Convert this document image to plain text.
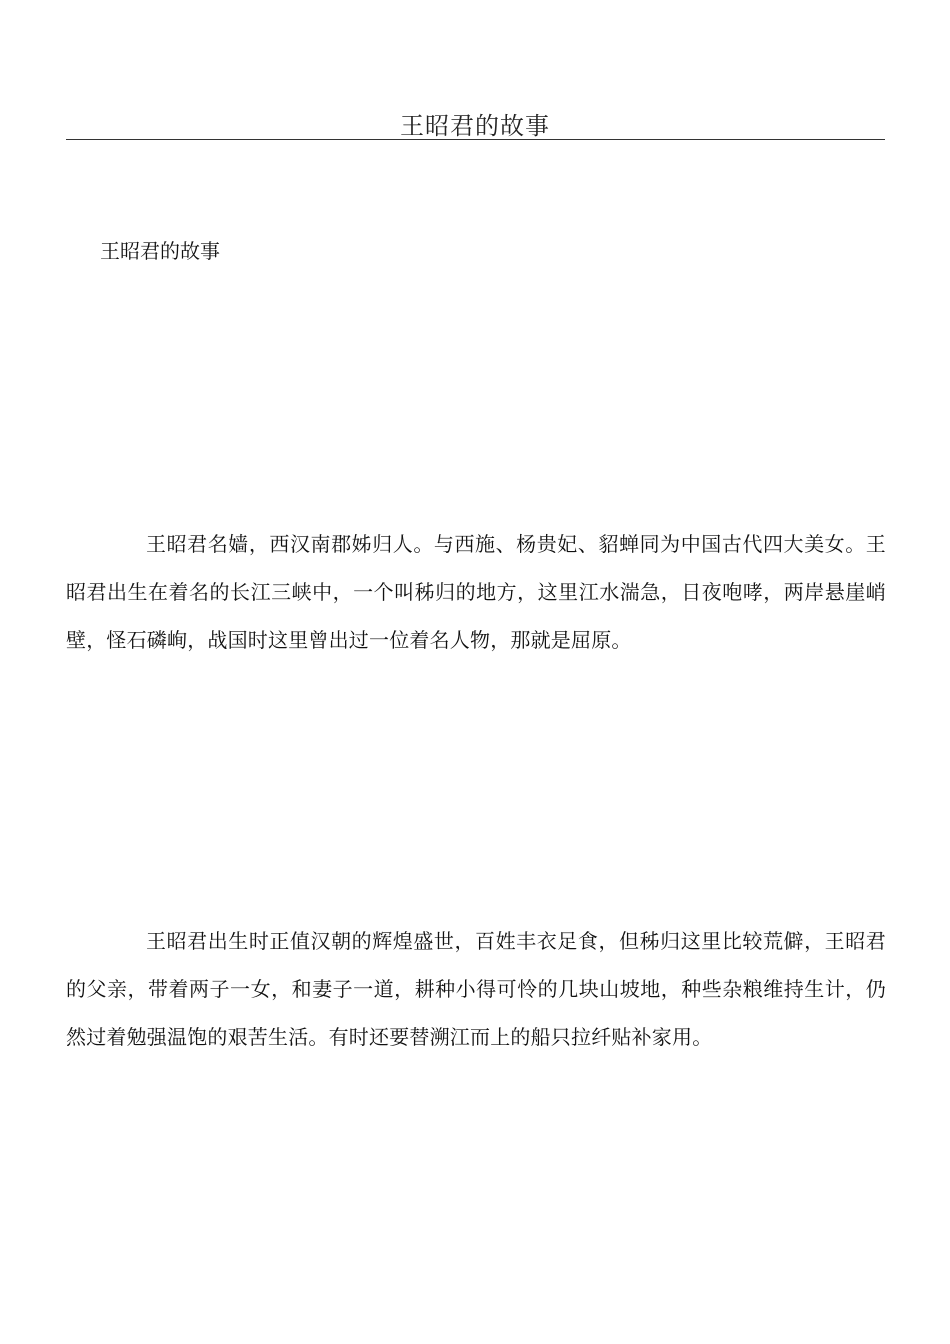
王昭君的故事
王昭君的故事

王昭君名嫱，西汉南郡姊归人。与西施、杨贵妃、貂蝉同为中国古代四大美女。王昭君出生在着名的长江三峡中，一个叫秭归的地方，这里江水湍急，日夜咆哮，两岸悬崖峭壁，怪石磷峋，战国时这里曾出过一位着名人物，那就是屈原。

王昭君出生时正值汉朝的辉煌盛世，百姓丰衣足食，但秭归这里比较荒僻，王昭君的父亲，带着两子一女，和妻子一道，耕种小得可怜的几块山坡地，种些杂粮维持生计，仍然过着勉强温饱的艰苦生活。有时还要替溯江而上的船只拉纤贴补家用。
